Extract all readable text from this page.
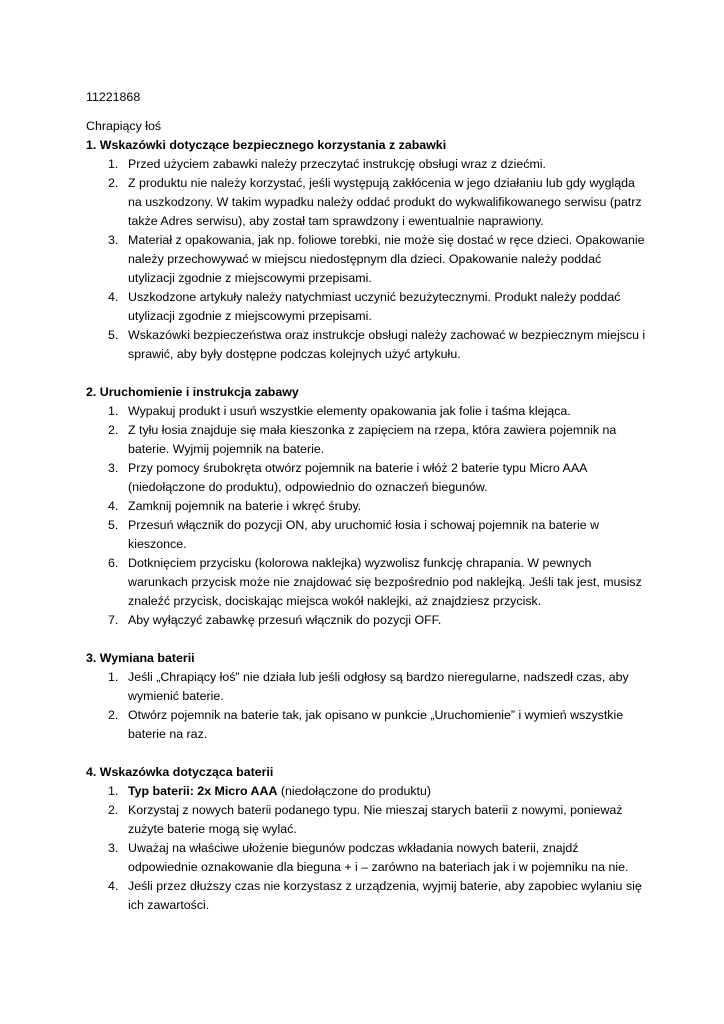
11221868
Chrapiący łoś
1. Wskazówki dotyczące bezpiecznego korzystania z zabawki
1. Przed użyciem zabawki należy przeczytać instrukcję obsługi wraz z dziećmi.
2. Z produktu nie należy korzystać, jeśli występują zakłócenia w jego działaniu lub gdy wygląda na uszkodzony. W takim wypadku należy oddać produkt do wykwalifikowanego serwisu (patrz także Adres serwisu), aby został tam sprawdzony i ewentualnie naprawiony.
3. Materiał z opakowania, jak np. foliowe torebki, nie może się dostać w ręce dzieci. Opakowanie należy przechowywać w miejscu niedostępnym dla dzieci. Opakowanie należy poddać utylizacji zgodnie z miejscowymi przepisami.
4. Uszkodzone artykuły należy natychmiast uczynić bezużytecznymi. Produkt należy poddać utylizacji zgodnie z miejscowymi przepisami.
5. Wskazówki bezpieczeństwa oraz instrukcje obsługi należy zachować w bezpiecznym miejscu i sprawić, aby były dostępne podczas kolejnych użyć artykułu.
2. Uruchomienie i instrukcja zabawy
1. Wypakuj produkt i usuń wszystkie elementy opakowania jak folie i taśma klejąca.
2. Z tyłu łosia znajduje się mała kieszonka z zapięciem na rzepa, która zawiera pojemnik na baterie. Wyjmij pojemnik na baterie.
3. Przy pomocy śrubokręta otwórz pojemnik na baterie i włóż 2 baterie typu Micro AAA (niedołączone do produktu), odpowiednio do oznaczeń biegunów.
4. Zamknij pojemnik na baterie i wkręć śruby.
5. Przesuń włącznik do pozycji ON, aby uruchomić łosia i schowaj pojemnik na baterie w kieszonce.
6. Dotknięciem przycisku (kolorowa naklejka) wyzwolisz funkcję chrapania. W pewnych warunkach przycisk może nie znajdować się bezpośrednio pod naklejką. Jeśli tak jest, musisz znaleźć przycisk, dociskając miejsca wokół naklejki, aż znajdziesz przycisk.
7. Aby wyłączyć zabawkę przesuń włącznik do pozycji OFF.
3. Wymiana baterii
1. Jeśli „Chrapiący łoś” nie działa lub jeśli odgłosy są bardzo nieregularne, nadszedł czas, aby wymienić baterie.
2. Otwórz pojemnik na baterie tak, jak opisano w punkcie „Uruchomienie” i wymień wszystkie baterie na raz.
4. Wskazówka dotycząca baterii
1. Typ baterii: 2x Micro AAA (niedołączone do produktu)
2. Korzystaj z nowych baterii podanego typu. Nie mieszaj starych baterii z nowymi, ponieważ zużyte baterie mogą się wylać.
3. Uważaj na właściwe ułożenie biegunów podczas wkładania nowych baterii, znajdź odpowiednie oznakowanie dla bieguna + i – zarówno na bateriach jak i w pojemniku na nie.
4. Jeśli przez dłuższy czas nie korzystasz z urządzenia, wyjmij baterie, aby zapobiec wylaniu się ich zawartości.
